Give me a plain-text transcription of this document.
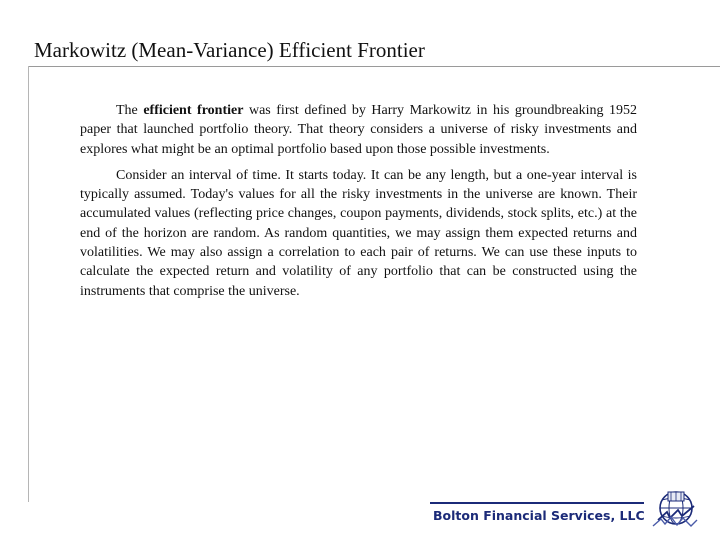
Markowitz (Mean-Variance) Efficient Frontier

The efficient frontier was first defined by Harry Markowitz in his groundbreaking 1952 paper that launched portfolio theory. That theory considers a universe of risky investments and explores what might be an optimal portfolio based upon those possible investments.

Consider an interval of time. It starts today. It can be any length, but a one-year interval is typically assumed. Today's values for all the risky investments in the universe are known. Their accumulated values (reflecting price changes, coupon payments, dividends, stock splits, etc.) at the end of the horizon are random. As random quantities, we may assign them expected returns and volatilities. We may also assign a correlation to each pair of returns. We can use these inputs to calculate the expected return and volatility of any portfolio that can be constructed using the instruments that comprise the universe.

Bolton Financial Services, LLC
